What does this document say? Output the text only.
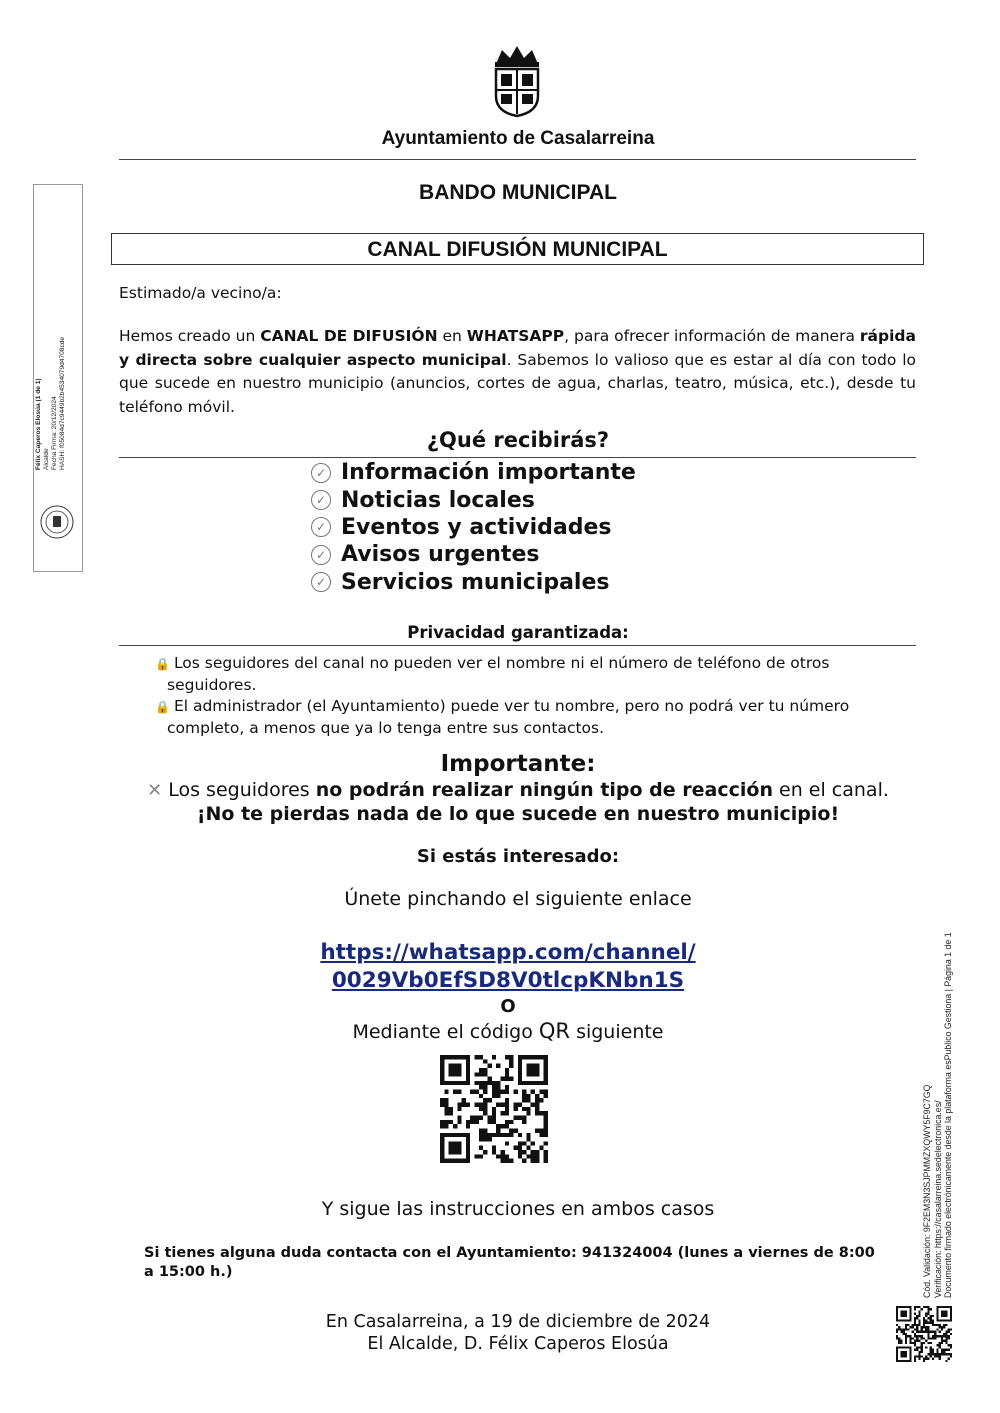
Ayuntamiento de Casalarreina
BANDO MUNICIPAL
CANAL DIFUSIÓN MUNICIPAL
Estimado/a vecino/a:
Hemos creado un CANAL DE DIFUSIÓN en WHATSAPP, para ofrecer información de manera rápida y directa sobre cualquier aspecto municipal. Sabemos lo valioso que es estar al día con todo lo que sucede en nuestro municipio (anuncios, cortes de agua, charlas, teatro, música, etc.), desde tu teléfono móvil.
¿Qué recibirás?
✓ Información importante
✓ Noticias locales
✓ Eventos y actividades
✓ Avisos urgentes
✓ Servicios municipales
Privacidad garantizada:
🔒 Los seguidores del canal no pueden ver el nombre ni el número de teléfono de otros seguidores.
🔒 El administrador (el Ayuntamiento) puede ver tu nombre, pero no podrá ver tu número completo, a menos que ya lo tenga entre sus contactos.
Importante:
✕ Los seguidores no podrán realizar ningún tipo de reacción en el canal.
¡No te pierdas nada de lo que sucede en nuestro municipio!
Si estás interesado:
Únete pinchando el siguiente enlace
https://whatsapp.com/channel/
0029Vb0EfSD8V0tlcpKNbn1S
O
Mediante el código QR siguiente
Y sigue las instrucciones en ambos casos
Si tienes alguna duda contacta con el Ayuntamiento: 941324004 (lunes a viernes de 8:00 a 15:00 h.)
En Casalarreina, a 19 de diciembre de 2024
El Alcalde, D. Félix Caperos Elosúa
Félix Caperos Elosúa (1 de 1) Alcalde Fecha Firma: 20/12/2024 HASH: f05084d7c9449b2b4534079d4708cde
Cód. Validación: 9F2EM3N3SJPMMZXQWY5F9C7GQ Verificación: https://casalarreina.sedelectronica.es/ Documento firmado electrónicamente desde la plataforma esPublico Gestiona | Página 1 de 1
